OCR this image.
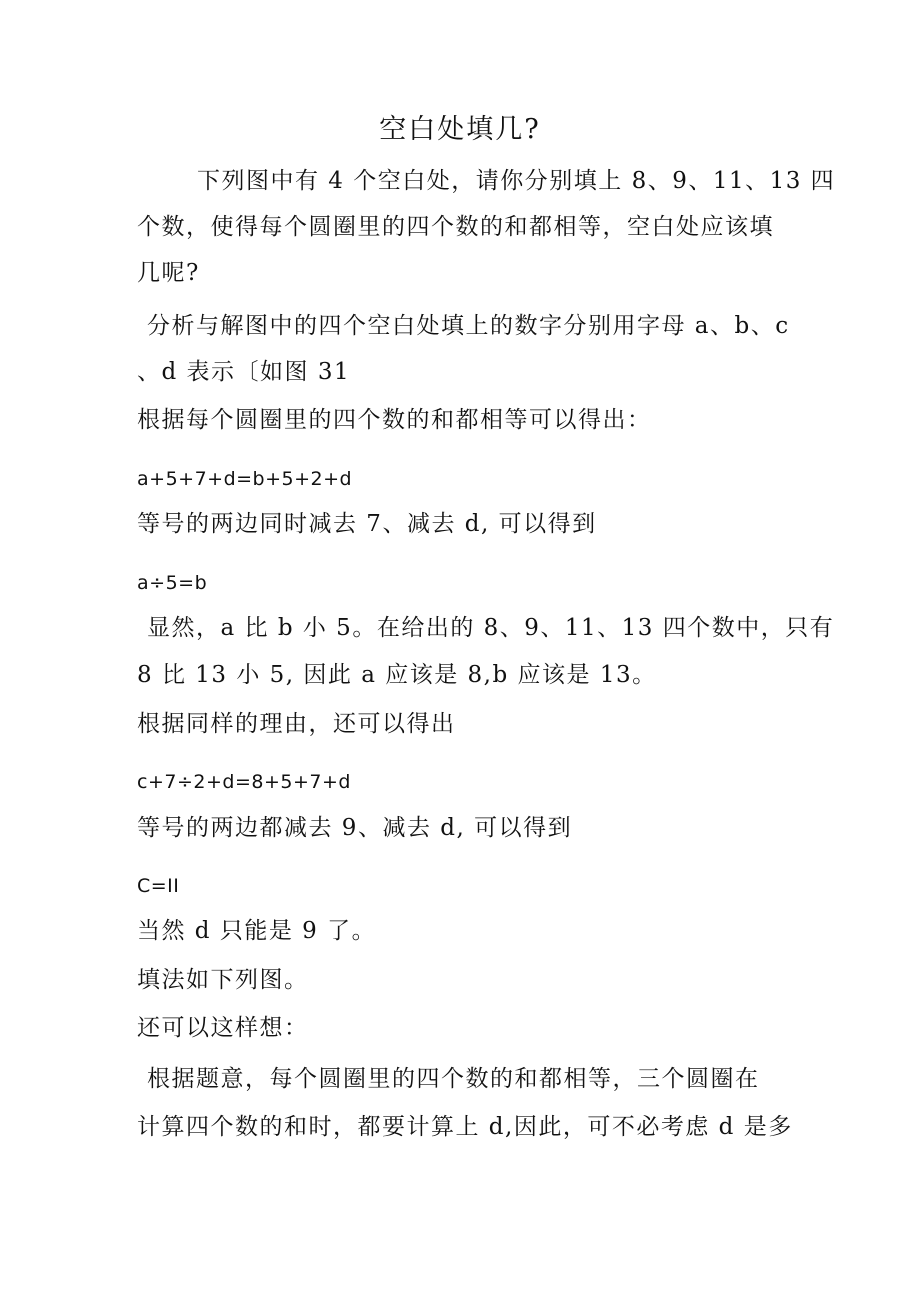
空白处填几?
下列图中有 4 个空白处，请你分别填上 8、9、11、13 四
个数，使得每个圆圈里的四个数的和都相等，空白处应该填
几呢?
分析与解图中的四个空白处填上的数字分别用字母 a、b、c
、d 表示〔如图 31
根据每个圆圈里的四个数的和都相等可以得出：
a+5+7+d=b+5+2+d
等号的两边同时减去 7、减去 d, 可以得到
a÷5=b
显然，a 比 b 小 5。在给出的 8、9、11、13 四个数中，只有
8 比 13 小 5, 因此 a 应该是 8,b 应该是 13。
根据同样的理由，还可以得出
c+7÷2+d=8+5+7+d
等号的两边都减去 9、减去 d, 可以得到
C=II
当然 d 只能是 9 了。
填法如下列图。
还可以这样想：
根据题意，每个圆圈里的四个数的和都相等，三个圆圈在
计算四个数的和时，都要计算上 d,因此，可不必考虑 d 是多
